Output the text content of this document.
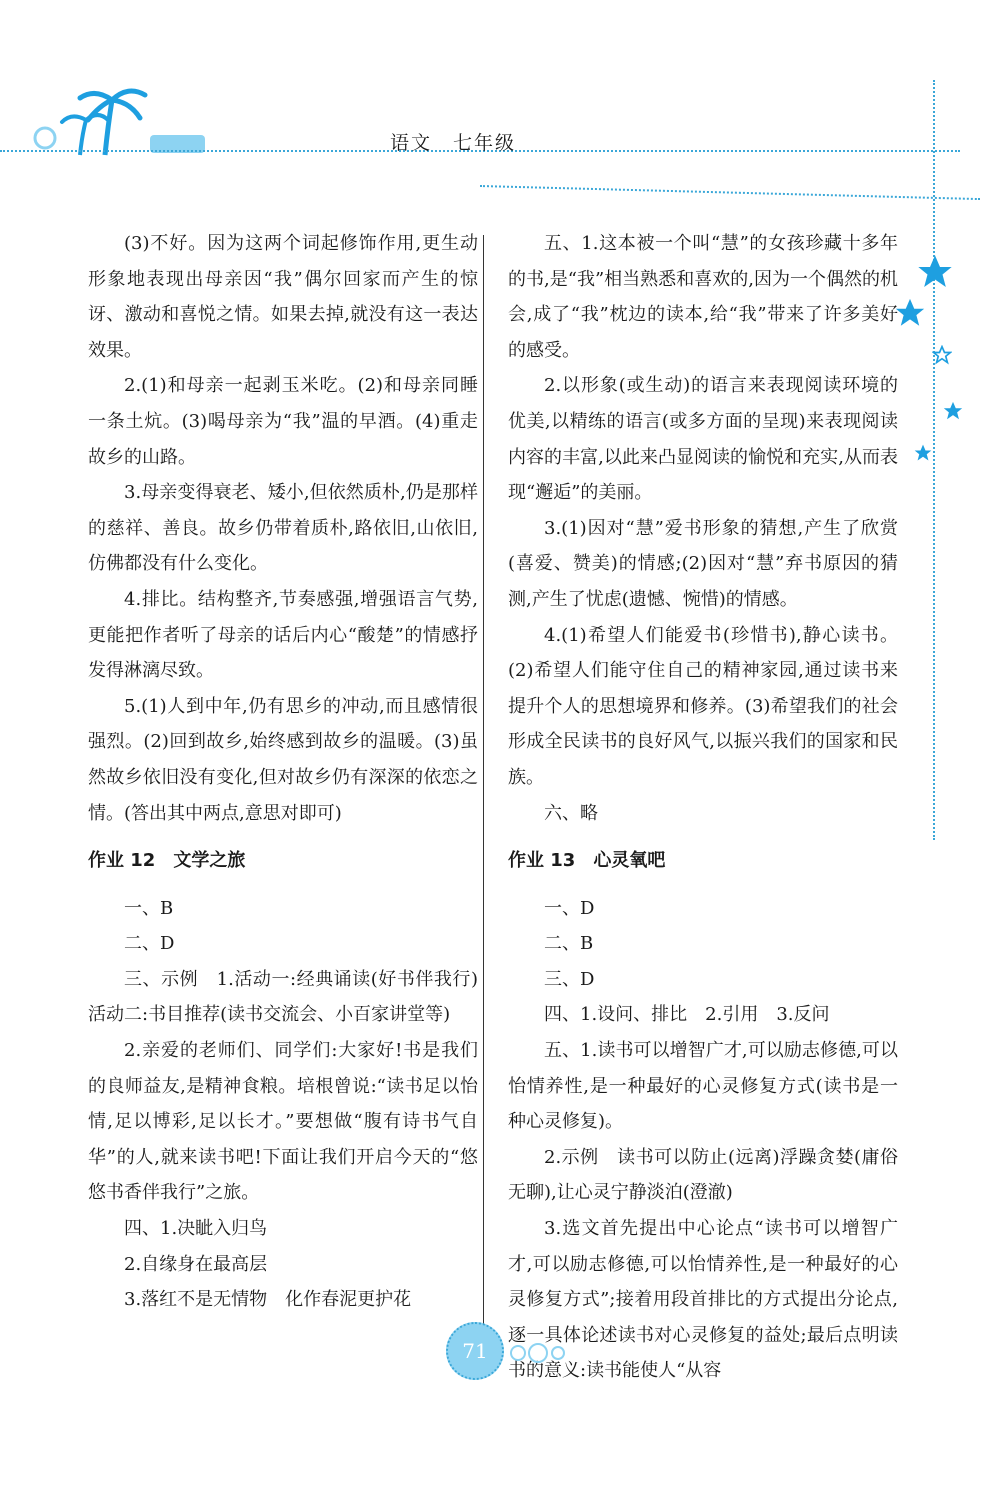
语文　七年级

(3)不好。因为这两个词起修饰作用,更生动形象地表现出母亲因“我”偶尔回家而产生的惊讶、激动和喜悦之情。如果去掉,就没有这一表达效果。

2.(1)和母亲一起剥玉米吃。(2)和母亲同睡一条土炕。(3)喝母亲为“我”温的早酒。(4)重走故乡的山路。

3.母亲变得衰老、矮小,但依然质朴,仍是那样的慈祥、善良。故乡仍带着质朴,路依旧,山依旧,仿佛都没有什么变化。

4.排比。结构整齐,节奏感强,增强语言气势,更能把作者听了母亲的话后内心“酸楚”的情感抒发得淋漓尽致。

5.(1)人到中年,仍有思乡的冲动,而且感情很强烈。(2)回到故乡,始终感到故乡的温暖。(3)虽然故乡依旧没有变化,但对故乡仍有深深的依恋之情。(答出其中两点,意思对即可)

作业 12　文学之旅

一、B

二、D

三、示例　1.活动一:经典诵读(好书伴我行)　活动二:书目推荐(读书交流会、小百家讲堂等)

2.亲爱的老师们、同学们:大家好!书是我们的良师益友,是精神食粮。培根曾说:“读书足以怡情,足以博彩,足以长才。”要想做“腹有诗书气自华”的人,就来读书吧!下面让我们开启今天的“悠悠书香伴我行”之旅。

四、1.决眦入归鸟

2.自缘身在最高层

3.落红不是无情物　化作春泥更护花

五、1.这本被一个叫“慧”的女孩珍藏十多年的书,是“我”相当熟悉和喜欢的,因为一个偶然的机会,成了“我”枕边的读本,给“我”带来了许多美好的感受。

2.以形象(或生动)的语言来表现阅读环境的优美,以精练的语言(或多方面的呈现)来表现阅读内容的丰富,以此来凸显阅读的愉悦和充实,从而表现“邂逅”的美丽。

3.(1)因对“慧”爱书形象的猜想,产生了欣赏(喜爱、赞美)的情感;(2)因对“慧”弃书原因的猜测,产生了忧虑(遗憾、惋惜)的情感。

4.(1)希望人们能爱书(珍惜书),静心读书。(2)希望人们能守住自己的精神家园,通过读书来提升个人的思想境界和修养。(3)希望我们的社会形成全民读书的良好风气,以振兴我们的国家和民族。

六、略

作业 13　心灵氧吧

一、D

二、B

三、D

四、1.设问、排比　2.引用　3.反问

五、1.读书可以增智广才,可以励志修德,可以怡情养性,是一种最好的心灵修复方式(读书是一种心灵修复)。

2.示例　读书可以防止(远离)浮躁贪婪(庸俗无聊),让心灵宁静淡泊(澄澈)

3.选文首先提出中心论点“读书可以增智广才,可以励志修德,可以怡情养性,是一种最好的心灵修复方式”;接着用段首排比的方式提出分论点,逐一具体论述读书对心灵修复的益处;最后点明读书的意义:读书能使人“从容

71
